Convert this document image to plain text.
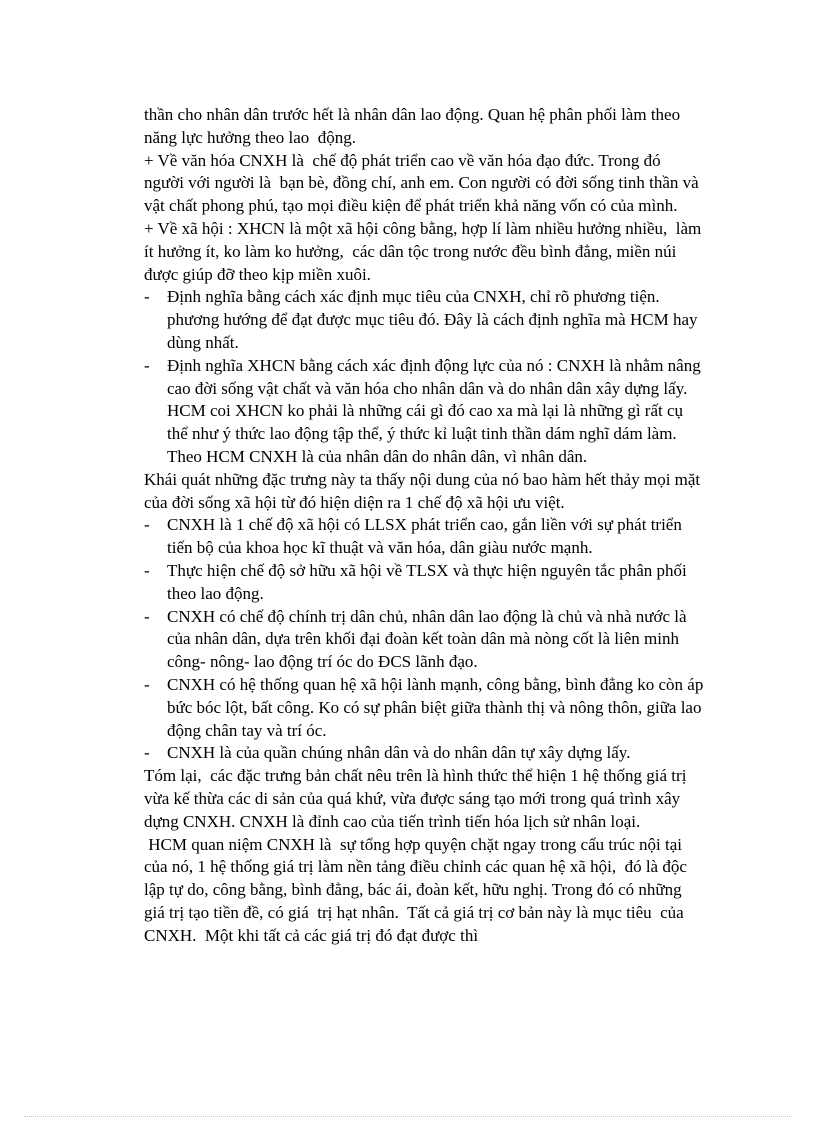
thần cho nhân dân trước hết là nhân dân lao động. Quan hệ phân phối làm theo năng lực hưởng theo lao  động.

+ Về văn hóa CNXH là  chế độ phát triển cao về văn hóa đạo đức. Trong đó người với người là  bạn bè, đồng chí, anh em. Con người có đời sống tinh thần và vật chất phong phú, tạo mọi điều kiện để phát triển khả năng vốn có của mình.

+ Về xã hội : XHCN là một xã hội công bằng, hợp lí làm nhiều hưởng nhiều,  làm ít hưởng ít, ko làm ko hưởng,  các dân tộc trong nước đều bình đẳng, miền núi được giúp đỡ theo kịp miền xuôi.

-	Định nghĩa bằng cách xác định mục tiêu của CNXH, chỉ rõ phương tiện. phương hướng để đạt được mục tiêu đó. Đây là cách định nghĩa mà HCM hay dùng nhất.
-	Định nghĩa XHCN bằng cách xác định động lực của nó : CNXH là nhằm nâng cao đời sống vật chất và văn hóa cho nhân dân và do nhân dân xây dựng lấy. HCM coi XHCN ko phải là những cái gì đó cao xa mà lại là những gì rất cụ thể như ý thức lao động tập thể, ý thức kỉ luật tinh thần dám nghĩ dám làm. Theo HCM CNXH là của nhân dân do nhân dân, vì nhân dân.

Khái quát những đặc trưng này ta thấy nội dung của nó bao hàm hết thảy mọi mặt của đời sống xã hội từ đó hiện diện ra 1 chế độ xã hội ưu việt.

-	CNXH là 1 chế độ xã hội có LLSX phát triển cao, gắn liền với sự phát triển tiến bộ của khoa học kĩ thuật và văn hóa, dân giàu nước mạnh.
-	Thực hiện chế độ sở hữu xã hội về TLSX và thực hiện nguyên tắc phân phối theo lao động.
-	CNXH có chế độ chính trị dân chủ, nhân dân lao động là chủ và nhà nước là của nhân dân, dựa trên khối đại đoàn kết toàn dân mà nòng cốt là liên minh công- nông- lao động trí óc do ĐCS lãnh đạo.
-	CNXH có hệ thống quan hệ xã hội lành mạnh, công bằng, bình đẳng ko còn áp bức bóc lột, bất công. Ko có sự phân biệt giữa thành thị và nông thôn, giữa lao  động chân tay và trí óc.
-	CNXH là của quần chúng nhân dân và do nhân dân tự xây dựng lấy.

Tóm lại,  các đặc trưng bản chất nêu trên là hình thức thể hiện 1 hệ thống giá trị vừa kế thừa các di sản của quá khứ, vừa được sáng tạo mới trong quá trình xây dựng CNXH. CNXH là đỉnh cao của tiến trình tiến hóa lịch sử nhân loại.

HCM quan niệm CNXH là  sự tổng hợp quyện chặt ngay trong cấu trúc nội tại của nó, 1 hệ thống giá trị làm nền tảng điều chỉnh các quan hệ xã hội,  đó là độc lập tự do, công bằng, bình đẳng, bác ái, đoàn kết, hữu nghị. Trong đó có những giá trị tạo tiền đề, có giá  trị hạt nhân.  Tất cả giá trị cơ bản này là mục tiêu  của CNXH.  Một khi tất cả các giá trị đó đạt được thì
